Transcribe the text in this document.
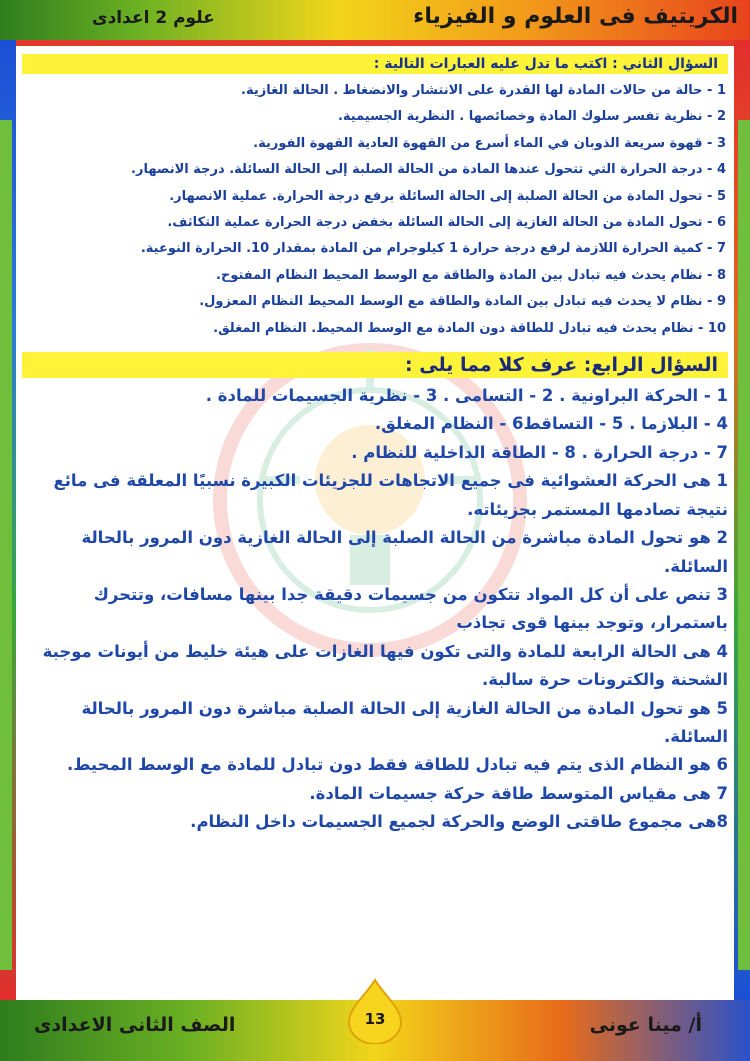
الكريتيف فى العلوم و الفيزياء
علوم 2 اعدادى
السؤال الثاني : اكتب ما تدل عليه العبارات التالية :
1 - حالة من حالات المادة لها القدرة على الانتشار والانضغاط . الحالة الغازية.
2 - نظرية تفسر سلوك المادة وخصائصها . النظرية الجسيمية.
3 - قهوة سريعة الذوبان في الماء أسرع من القهوة العادية القهوة الفورية.
4 - درجة الحرارة التي تتحول عندها المادة من الحالة الصلبة إلى الحالة السائلة. درجة الانصهار.
5 - تحول المادة من الحالة الصلبة إلى الحالة السائلة برفع درجة الحرارة. عملية الانصهار.
6 - تحول المادة من الحالة الغازية إلى الحالة السائلة بخفض درجة الحرارة عملية التكاثف.
7 - كمية الحرارة اللازمة لرفع درجة حرارة 1 كيلوجرام من المادة بمقدار 10. الحرارة النوعية.
8 - نظام يحدث فيه تبادل بين المادة والطاقة مع الوسط المحيط النظام المفتوح.
9 - نظام لا يحدث فيه تبادل بين المادة والطاقة مع الوسط المحيط النظام المعزول.
10 - نظام يحدث فيه تبادل للطاقة دون المادة مع الوسط المحيط. النظام المغلق.
السؤال الرابع: عرف كلا مما يلى :
1 - الحركة البراونية . 2 - التسامى . 3 - نظرية الجسيمات للمادة .
4 - البلازما . 5 - التساقط6 - النظام المغلق.
7 - درجة الحرارة . 8 - الطاقة الداخلية للنظام .
1 هى الحركة العشوائية فى جميع الاتجاهات للجزيئات الكبيرة نسبيًا المعلقة فى مائع نتيجة تصادمها المستمر بجزيئاته.
2 هو تحول المادة مباشرة من الحالة الصلبة إلى الحالة الغازية دون المرور بالحالة السائلة.
3 تنص على أن كل المواد تتكون من جسيمات دقيقة جدا بينها مسافات، وتتحرك باستمرار، وتوجد بينها قوى تجاذب
4 هى الحالة الرابعة للمادة والتى تكون فيها الغازات على هيئة خليط من أيونات موجبة الشحنة والكترونات حرة سالبة.
5 هو تحول المادة من الحالة الغازية إلى الحالة الصلبة مباشرة دون المرور بالحالة السائلة.
6 هو النظام الذى يتم فيه تبادل للطاقة فقط دون تبادل للمادة مع الوسط المحيط.
7 هى مقياس المتوسط طاقة حركة جسيمات المادة.
8هى مجموع طاقتى الوضع والحركة لجميع الجسيمات داخل النظام.
أ/ مينا عونى
الصف الثانى الاعدادى	13
